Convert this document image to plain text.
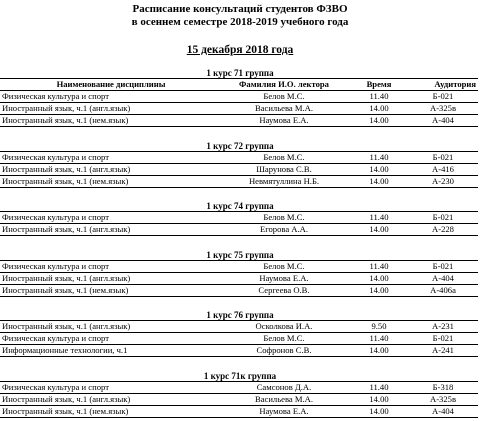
Расписание консультаций студентов ФЗВО
в осеннем семестре 2018-2019 учебного года
15 декабря 2018 года
1 курс 71 группа
Наименование дисциплины	Фамилия И.О. лектора	Время	Аудитория
Физическая культура и спорт	Белов М.С.	11.40	Б-021
Иностранный язык, ч.1 (англ.язык)	Васильева М.А.	14.00	А-325в
Иностранный язык, ч.1 (нем.язык)	Наумова Е.А.	14.00	А-404
1 курс 72 группа
Физическая культура и спорт	Белов М.С.	11.40	Б-021
Иностранный язык, ч.1 (англ.язык)	Шарунова С.В.	14.00	А-416
Иностранный язык, ч.1 (нем.язык)	Невмятуллина Н.Б.	14.00	А-230
1 курс 74 группа
Физическая культура и спорт	Белов М.С.	11.40	Б-021
Иностранный язык, ч.1 (англ.язык)	Егорова А.А.	14.00	А-228
1 курс 75 группа
Физическая культура и спорт	Белов М.С.	11.40	Б-021
Иностранный язык, ч.1 (англ.язык)	Наумова Е.А.	14.00	А-404
Иностранный язык, ч.1 (нем.язык)	Сергеева О.В.	14.00	А-406а
1 курс 76 группа
Иностранный язык, ч.1 (англ.язык)	Осколкова И.А.	9.50	А-231
Физическая культура и спорт	Белов М.С.	11.40	Б-021
Информационные технологии, ч.1	Софронов С.В.	14.00	А-241
1 курс 71к группа
Физическая культура и спорт	Самсонов Д.А.	11.40	Б-318
Иностранный язык, ч.1 (англ.язык)	Васильева М.А.	14.00	А-325в
Иностранный язык, ч.1 (нем.язык)	Наумова Е.А.	14.00	А-404
